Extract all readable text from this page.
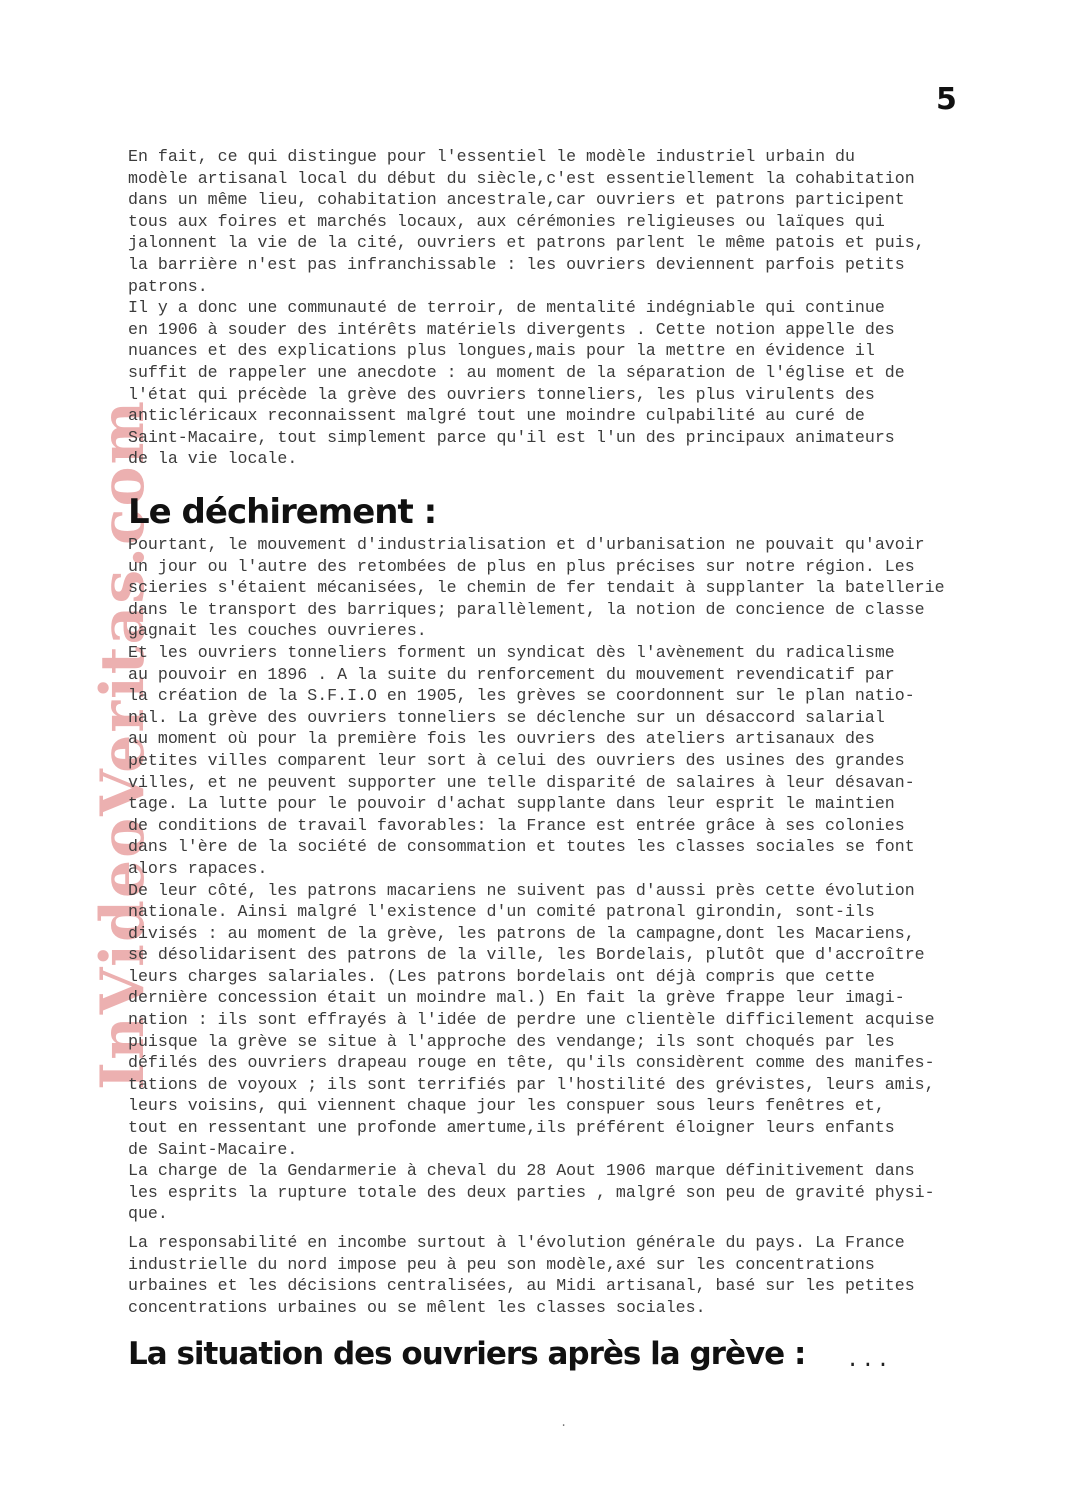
5
InVideoVeritas.com
En fait, ce qui distingue pour l'essentiel le modèle industriel urbain du
modèle artisanal local du début du siècle,c'est essentiellement la cohabitation
dans un même lieu, cohabitation ancestrale,car ouvriers et patrons participent
tous aux foires et marchés locaux, aux cérémonies religieuses ou laïques qui
jalonnent la vie de la cité, ouvriers et patrons parlent le même patois et puis,
la barrière n'est pas infranchissable : les ouvriers deviennent parfois petits
patrons.
Il y a donc une communauté de terroir, de mentalité indégniable qui continue
en 1906 à souder des intérêts matériels divergents . Cette notion appelle des
nuances et des explications plus longues,mais pour la mettre en évidence il
suffit de rappeler une anecdote : au moment de la séparation de l'église et de
l'état qui précède la grève des ouvriers tonneliers, les plus virulents des
anticléricaux reconnaissent malgré tout une moindre culpabilité au curé de
Saint-Macaire, tout simplement parce qu'il est l'un des principaux animateurs
de la vie locale.
Le déchirement :
Pourtant, le mouvement d'industrialisation et d'urbanisation ne pouvait qu'avoir
un jour ou l'autre des retombées de plus en plus précises sur notre région. Les
scieries s'étaient mécanisées, le chemin de fer tendait à supplanter la batellerie
dans le transport des barriques; parallèlement, la notion de concience de classe
gagnait les couches ouvrieres.
Et les ouvriers tonneliers forment un syndicat dès l'avènement du radicalisme
au pouvoir en 1896 . A la suite du renforcement du mouvement revendicatif par
la création de la S.F.I.O en 1905, les grèves se coordonnent sur le plan natio-
nal. La grève des ouvriers tonneliers se déclenche sur un désaccord salarial
au moment où pour la première fois les ouvriers des ateliers artisanaux des
petites villes comparent leur sort à celui des ouvriers des usines des grandes
villes, et ne peuvent supporter une telle disparité de salaires à leur désavan-
tage. La lutte pour le pouvoir d'achat supplante dans leur esprit le maintien
de conditions de travail favorables: la France est entrée grâce à ses colonies
dans l'ère de la société de consommation et toutes les classes sociales se font
alors rapaces.
De leur côté, les patrons macariens ne suivent pas d'aussi près cette évolution
nationale. Ainsi malgré l'existence d'un comité patronal girondin, sont-ils
divisés : au moment de la grève, les patrons de la campagne,dont les Macariens,
se désolidarisent des patrons de la ville, les Bordelais, plutôt que d'accroître
leurs charges salariales. (Les patrons bordelais ont déjà compris que cette
dernière concession était un moindre mal.) En fait la grève frappe leur imagi-
nation : ils sont effrayés à l'idée de perdre une clientèle difficilement acquise
puisque la grève se situe à l'approche des vendange; ils sont choqués par les
défilés des ouvriers drapeau rouge en tête, qu'ils considèrent comme des manifes-
tations de voyoux ; ils sont terrifiés par l'hostilité des grévistes, leurs amis,
leurs voisins, qui viennent chaque jour les conspuer sous leurs fenêtres et,
tout en ressentant une profonde amertume,ils préférent éloigner leurs enfants
de Saint-Macaire.
La charge de la Gendarmerie à cheval du 28 Aout 1906 marque définitivement dans
les esprits la rupture totale des deux parties , malgré son peu de gravité physi-
que.
La responsabilité en incombe surtout à l'évolution générale du pays. La France
industrielle du nord impose peu à peu son modèle,axé sur les concentrations
urbaines et les décisions centralisées, au Midi artisanal, basé sur les petites
concentrations urbaines ou se mêlent les classes sociales.
La situation des ouvriers après la grève : ...
.
